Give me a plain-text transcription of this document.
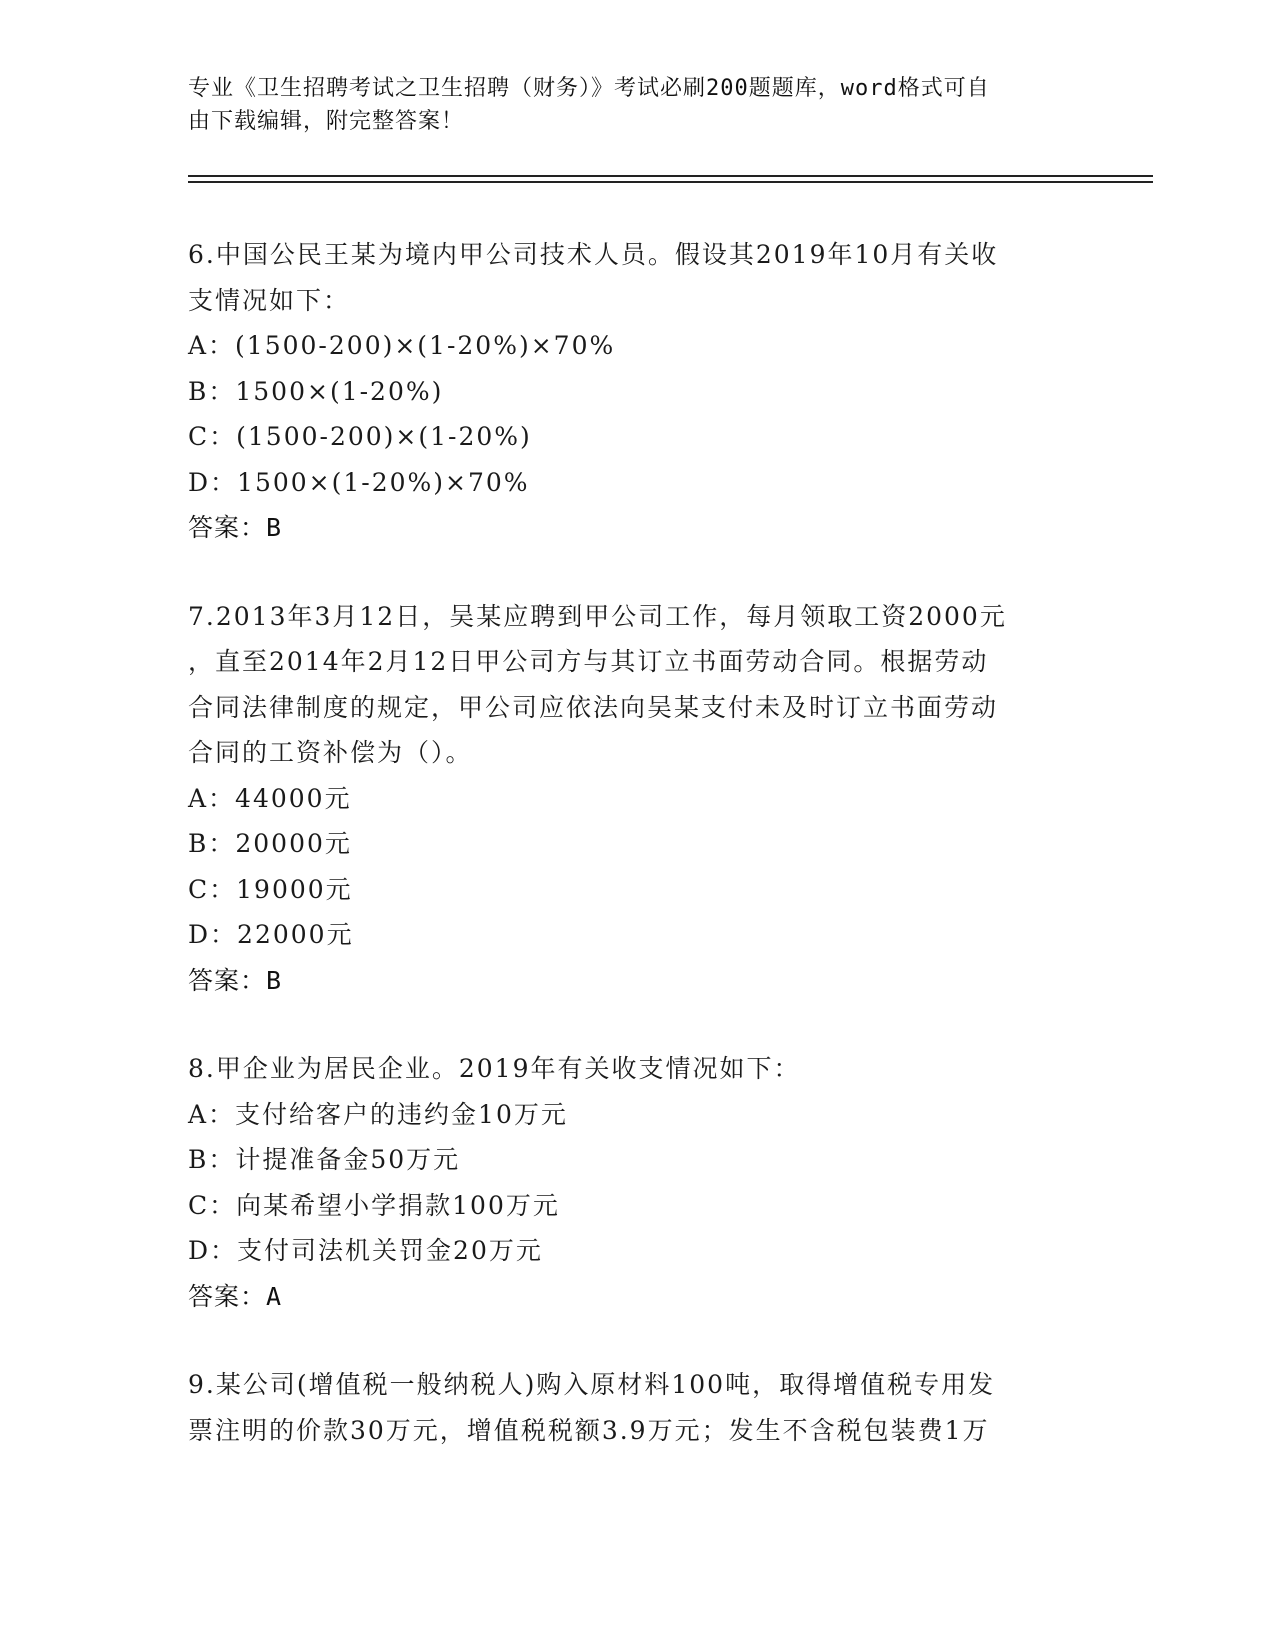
专业《卫生招聘考试之卫生招聘（财务）》考试必刷200题题库，word格式可自
由下载编辑，附完整答案！

6.中国公民王某为境内甲公司技术人员。假设其2019年10月有关收

支情况如下：

A：(1500-200)×(1-20%)×70%

B：1500×(1-20%)

C：(1500-200)×(1-20%)

D：1500×(1-20%)×70%

答案：B

7.2013年3月12日，吴某应聘到甲公司工作，每月领取工资2000元

，直至2014年2月12日甲公司方与其订立书面劳动合同。根据劳动

合同法律制度的规定，甲公司应依法向吴某支付未及时订立书面劳动

合同的工资补偿为（）。

A：44000元

B：20000元

C：19000元

D：22000元

答案：B

8.甲企业为居民企业。2019年有关收支情况如下：

A：支付给客户的违约金10万元

B：计提准备金50万元

C：向某希望小学捐款100万元

D：支付司法机关罚金20万元

答案：A

9.某公司(增值税一般纳税人)购入原材料100吨，取得增值税专用发

票注明的价款30万元，增值税税额3.9万元；发生不含税包装费1万
